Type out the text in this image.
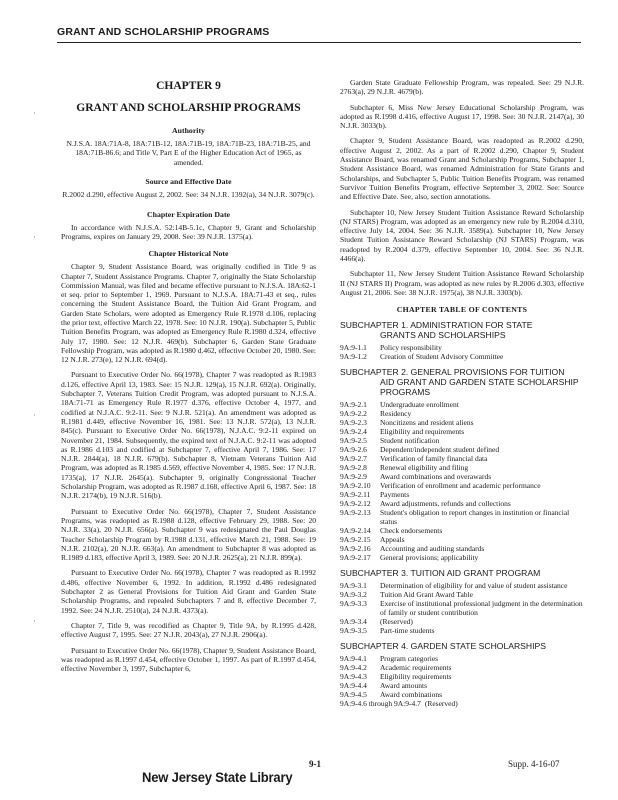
GRANT AND SCHOLARSHIP PROGRAMS
·
·
·
·
CHAPTER 9
GRANT AND SCHOLARSHIP PROGRAMS
Authority

N.J.S.A. 18A:71A-8, 18A:71B-12, 18A:71B-19, 18A:71B-23, 18A:71B-25, and 18A:71B-86.6; and Title V, Part E of the Higher Education Act of 1965, as amended.

Source and Effective Date

R.2002 d.290, effective August 2, 2002. See: 34 N.J.R. 1392(a), 34 N.J.R. 3079(c).

Chapter Expiration Date

In accordance with N.J.S.A. 52:14B-5.1c, Chapter 9, Grant and Scholarship Programs, expires on January 29, 2008. See: 39 N.J.R. 1375(a).

Chapter Historical Note

Chapter 9, Student Assistance Board, was originally codified in Title 9 as Chapter 7, Student Assistance Programs. Chapter 7, originally the State Scholarship Commission Manual, was filed and became effective pursuant to N.J.S.A. 18A:62-1 et seq. prior to September 1, 1969. Pursuant to N.J.S.A. 18A:71-43 et seq., rules concerning the Student Assistance Board, the Tuition Aid Grant Program, and Garden State Scholars, were adopted as Emergency Rule R.1978 d.106, replacing the prior text, effective March 22, 1978. See: 10 N.J.R. 190(a). Subchapter 5, Public Tuition Benefits Program, was adopted as Emergency Rule R.1980 d.324, effective July 17, 1980. See: 12 N.J.R. 469(b). Subchapter 6, Garden State Graduate Fellowship Program, was adopted as R.1980 d.462, effective October 20, 1980. See: 12 N.J.R. 273(e), 12 N.J.R. 694(d).

Pursuant to Executive Order No. 66(1978), Chapter 7 was readopted as R.1983 d.126, effective April 13, 1983. See: 15 N.J.R. 129(a), 15 N.J.R. 692(a). Originally, Subchapter 7, Veterans Tuition Credit Program, was adopted pursuant to N.J.S.A. 18A:71-71 as Emergency Rule R.1977 d.376, effective October 4, 1977, and codified at N.J.A.C. 9:2-11. See: 9 N.J.R. 521(a). An amendment was adopted as R.1981 d.449, effective November 16, 1981. See: 13 N.J.R. 572(a), 13 N.J.R. 845(c). Pursuant to Executive Order No. 66(1978), N.J.A.C. 9:2-11 expired on November 21, 1984. Subsequently, the expired text of N.J.A.C. 9:2-11 was adopted as R.1986 d.103 and codified at Subchapter 7, effective April 7, 1986. See: 17 N.J.R. 2844(a), 18 N.J.R. 679(b). Subchapter 8, Vietnam Veterans Tuition Aid Program, was adopted as R.1985 d.569, effective November 4, 1985. See: 17 N.J.R. 1735(a), 17 N.J.R. 2645(a). Subchapter 9, originally Congressional Teacher Scholarship Program, was adopted as R.1987 d.168, effective April 6, 1987. See: 18 N.J.R. 2174(b), 19 N.J.R. 516(b).

Pursuant to Executive Order No. 66(1978), Chapter 7, Student Assistance Programs, was readopted as R.1988 d.128, effective February 29, 1988. See: 20 N.J.R. 33(a), 20 N.J.R. 656(a). Subchapter 9 was redesignated the Paul Douglas Teacher Scholarship Program by R.1988 d.131, effective March 21, 1988. See: 19 N.J.R. 2102(a), 20 N.J.R. 663(a). An amendment to Subchapter 8 was adopted as R.1989 d.183, effective April 3, 1989. See: 20 N.J.R. 2625(a), 21 N.J.R. 899(a).

Pursuant to Executive Order No. 66(1978), Chapter 7 was readopted as R.1992 d.486, effective November 6, 1992. In addition, R.1992 d.486 redesignated Subchapter 2 as General Provisions for Tuition Aid Grant and Garden State Scholarship Programs, and repealed Subchapters 7 and 8, effective December 7, 1992. See: 24 N.J.R. 2510(a), 24 N.J.R. 4373(a).

Chapter 7, Title 9, was recodified as Chapter 9, Title 9A, by R.1995 d.428, effective August 7, 1995. See: 27 N.J.R. 2043(a), 27 N.J.R. 2906(a).

Pursuant to Executive Order No. 66(1978), Chapter 9, Student Assistance Board, was readopted as R.1997 d.454, effective October 1, 1997. As part of R.1997 d.454, effective November 3, 1997, Subchapter 6,

Garden State Graduate Fellowship Program, was repealed. See: 29 N.J.R. 2763(a), 29 N.J.R. 4679(b).

Subchapter 6, Miss New Jersey Educational Scholarship Program, was adopted as R.1998 d.416, effective August 17, 1998. See: 30 N.J.R. 2147(a), 30 N.J.R. 3033(b).

Chapter 9, Student Assistance Board, was readopted as R.2002 d.290, effective August 2, 2002. As a part of R.2002 d.290, Chapter 9, Student Assistance Board, was renamed Grant and Scholarship Programs, Subchapter 1, Student Assistance Board, was renamed Administration for State Grants and Scholarships, and Subchapter 5, Public Tuition Benefits Program, was renamed Survivor Tuition Benefits Program, effective September 3, 2002. See: Source and Effective Date. See, also, section annotations.

Subchapter 10, New Jersey Student Tuition Assistance Reward Scholarship (NJ STARS) Program, was adopted as an emergency new rule by R.2004 d.310, effective July 14, 2004. See: 36 N.J.R. 3589(a). Subchapter 10, New Jersey Student Tuition Assistance Reward Scholarship (NJ STARS) Program, was readopted by R.2004 d.379, effective September 10, 2004. See: 36 N.J.R. 4466(a).

Subchapter 11, New Jersey Student Tuition Assistance Reward Scholarship II (NJ STARS II) Program, was adopted as new rules by R.2006 d.303, effective August 21, 2006. See: 38 N.J.R. 1975(a), 38 N.J.R. 3303(b).

CHAPTER TABLE OF CONTENTS
SUBCHAPTER 1. ADMINISTRATION FOR STATE

GRANTS AND SCHOLARSHIPS
9A:9-1.1	Policy responsibility
9A:9-1.2	Creation of Student Advisory Committee
SUBCHAPTER 2. GENERAL PROVISIONS FOR TUITION

AID GRANT AND GARDEN STATE SCHOLARSHIP
PROGRAMS
9A:9-2.1	Undergraduate enrollment
9A:9-2.2	Residency
9A:9-2.3	Noncitizens and resident aliens
9A:9-2.4	Eligibility and requirements
9A:9-2.5	Student notification
9A:9-2.6	Dependent/independent student defined
9A:9-2.7	Verification of family financial data
9A:9-2.8	Renewal eligibility and filing
9A:9-2.9	Award combinations and overawards
9A:9-2.10	Verification of enrollment and academic performance
9A:9-2.11	Payments
9A:9-2.12	Award adjustments, refunds and collections
9A:9-2.13	Student's obligation to report changes in institution or financial status
9A:9-2.14	Check endorsements
9A:9-2.15	Appeals
9A:9-2.16	Accounting and auditing standards
9A:9-2.17	General provisions; applicability
SUBCHAPTER 3. TUITION AID GRANT PROGRAM

9A:9-3.1	Determination of eligibility for and value of student assistance
9A:9-3.2	Tuition Aid Grant Award Table
9A:9-3.3	Exercise of institutional professional judgment in the determination of family or student contribution
9A:9-3.4	(Reserved)
9A:9-3.5	Part-time students
SUBCHAPTER 4. GARDEN STATE SCHOLARSHIPS

9A:9-4.1	Program categories
9A:9-4.2	Academic requirements
9A:9-4.3	Eligibility requirements
9A:9-4.4	Award amounts
9A:9-4.5	Award combinations
9A:9-4.6 through 9A:9-4.7 (Reserved)
New Jersey State Library
9-1	Supp. 4-16-07
